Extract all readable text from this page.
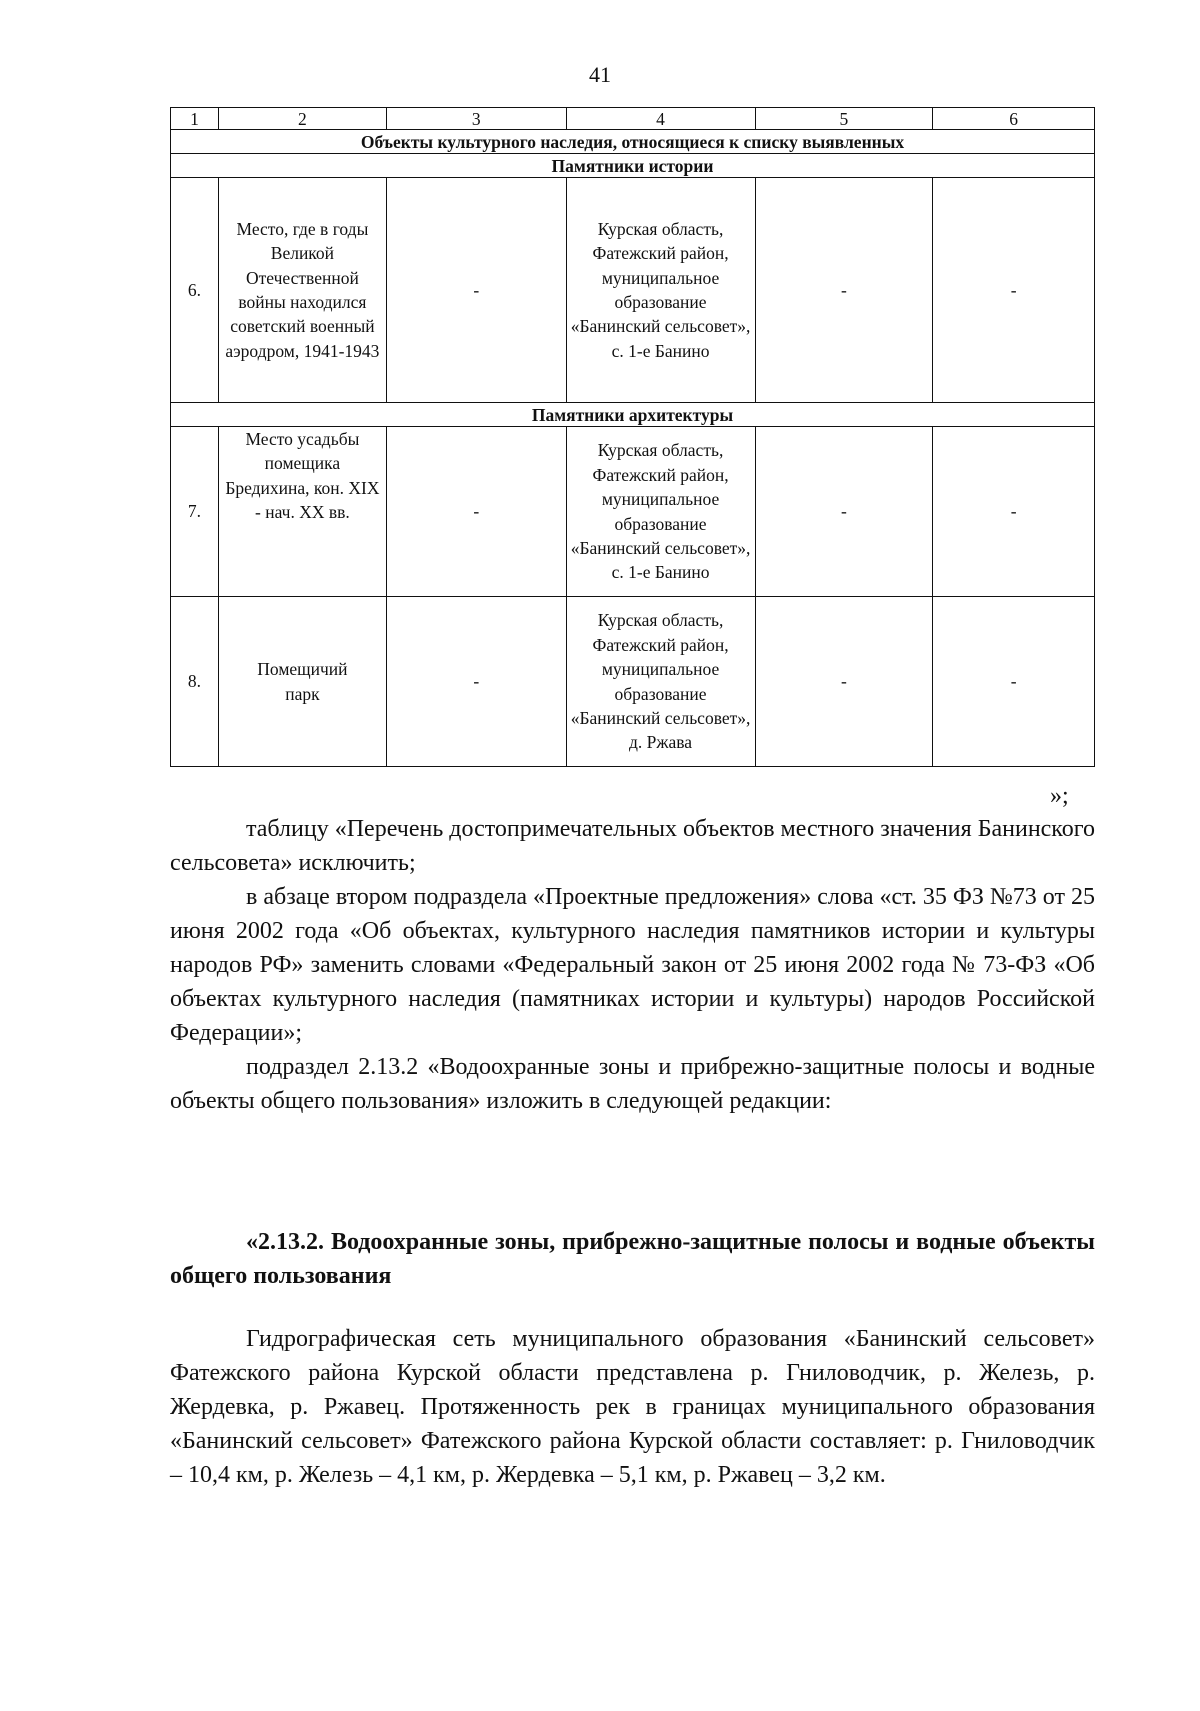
41
1	2	3	4	5	6
Объекты культурного наследия, относящиеся к списку выявленных					
Памятники истории					
6.	Место, где в годы Великой Отечественной войны находился советский военный аэродром, 1941-1943	-	Курская область, Фатежский район, муниципальное образование «Банинский сельсовет», с. 1-е Банино	-	-
Памятники архитектуры					
7.	Место усадьбы помещика Бредихина, кон. XIX - нач. XX вв.	-	Курская область, Фатежский район, муниципальное образование «Банинский сельсовет», с. 1-е Банино	-	-
8.	Помещичий парк	-	Курская область, Фатежский район, муниципальное образование «Банинский сельсовет», д. Ржава	-	-
»;

таблицу «Перечень достопримечательных объектов местного значения Банинского сельсовета» исключить;

в абзаце втором подраздела «Проектные предложения» слова «ст. 35 ФЗ №73 от 25 июня 2002 года «Об объектах, культурного наследия памятников истории и культуры народов РФ» заменить словами «Федеральный закон от 25 июня 2002 года № 73-ФЗ «Об объектах культурного наследия (памятниках истории и культуры) народов Российской Федерации»;

подраздел 2.13.2 «Водоохранные зоны и прибрежно-защитные полосы и водные объекты общего пользования» изложить в следующей редакции:

«2.13.2. Водоохранные зоны, прибрежно-защитные полосы и водные объекты общего пользования

Гидрографическая сеть муниципального образования «Банинский сельсовет» Фатежского района Курской области представлена р. Гниловодчик, р. Железь, р. Жердевка, р. Ржавец. Протяженность рек в границах муниципального образования «Банинский сельсовет» Фатежского района Курской области составляет: р. Гниловодчик – 10,4 км, р. Железь – 4,1 км, р. Жердевка – 5,1 км, р. Ржавец – 3,2 км.
